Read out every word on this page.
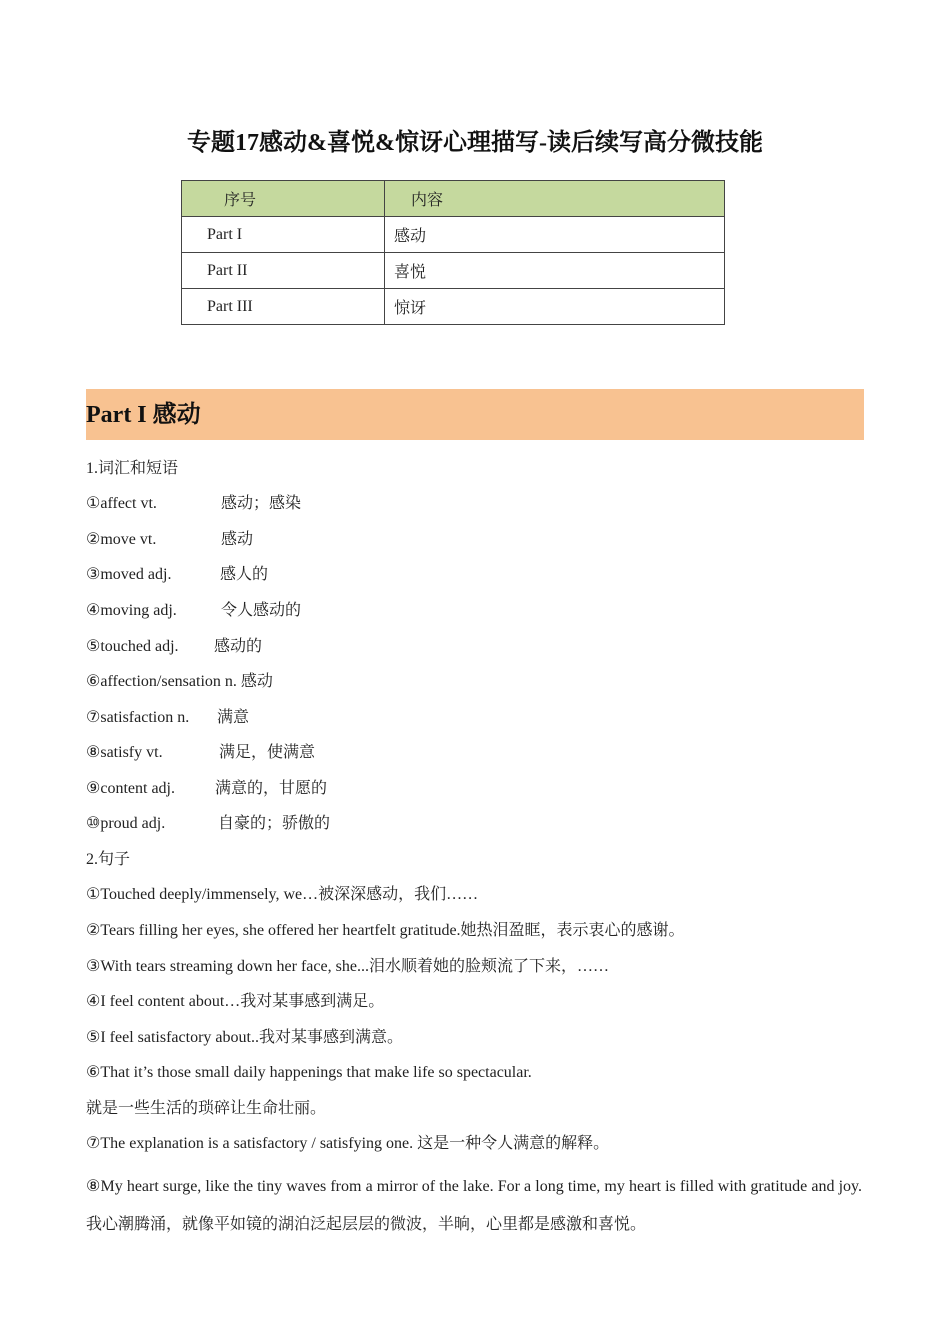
专题17感动&喜悦&惊讶心理描写-读后续写高分微技能
序号	内容
Part I	感动
Part II	喜悦
Part III	惊讶
Part I 感动
1.词汇和短语
①affect vt.	感动；感染
②move vt.	感动
③moved adj.	感人的
④moving adj.	令人感动的
⑤touched adj. 感动的
⑥affection/sensation n. 感动
⑦satisfaction n. 满意
⑧satisfy vt.	满足，使满意
⑨content adj.	满意的，甘愿的
⑩proud adj.	自豪的；骄傲的
2.句子
①Touched deeply/immensely, we…被深深感动，我们……
②Tears filling her eyes, she offered her heartfelt gratitude.她热泪盈眶，表示衷心的感谢。
③With tears streaming down her face, she...泪水顺着她的脸颊流了下来，……
④I feel content about…我对某事感到满足。
⑤I feel satisfactory about..我对某事感到满意。
⑥That it’s those small daily happenings that make life so spectacular.
就是一些生活的琐碎让生命壮丽。
⑦The explanation is a satisfactory / satisfying one. 这是一种令人满意的解释。
⑧My heart surge, like the tiny waves from a mirror of the lake. For a long time, my heart is filled with gratitude and joy.我心潮腾涌，就像平如镜的湖泊泛起层层的微波，半晌，心里都是感激和喜悦。
